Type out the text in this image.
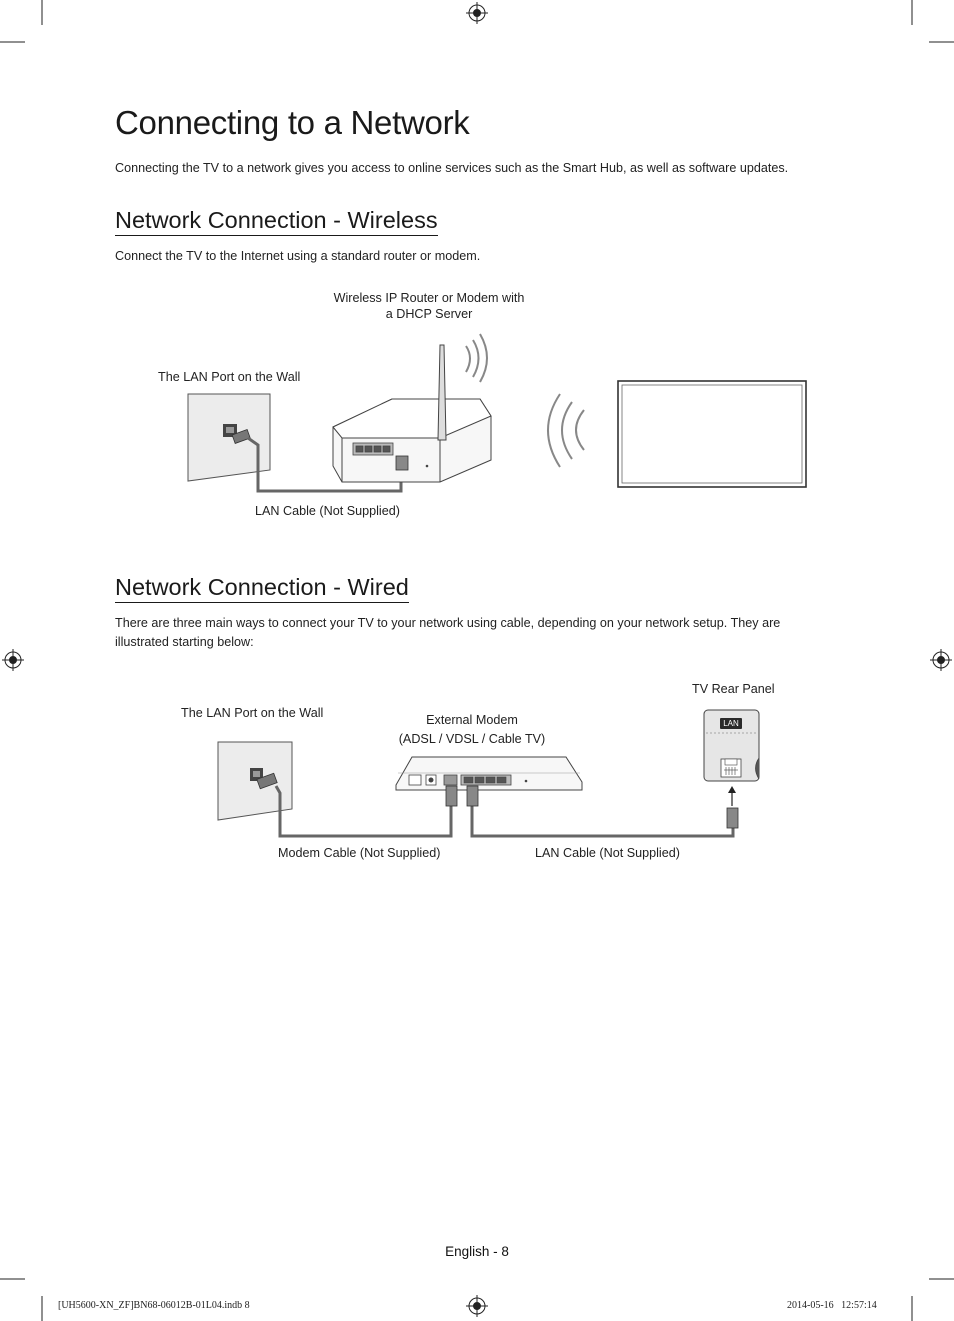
Connecting to a Network
Connecting the TV to a network gives you access to online services such as the Smart Hub, as well as software updates.
Network Connection - Wireless
Connect the TV to the Internet using a standard router or modem.
Wireless IP Router or Modem with
a DHCP Server
The LAN Port on the Wall
LAN Cable (Not Supplied)
Network Connection - Wired
There are three main ways to connect your TV to your network using cable, depending on your network setup. They are
illustrated starting below:
TV Rear Panel
The LAN Port on the Wall	External Modem
(ADSL / VDSL / Cable TV)
Modem Cable (Not Supplied)	LAN Cable (Not Supplied)
LAN
English - 8
[UH5600-XN_ZF]BN68-06012B-01L04.indb 8	2014-05-16   12:57:14
